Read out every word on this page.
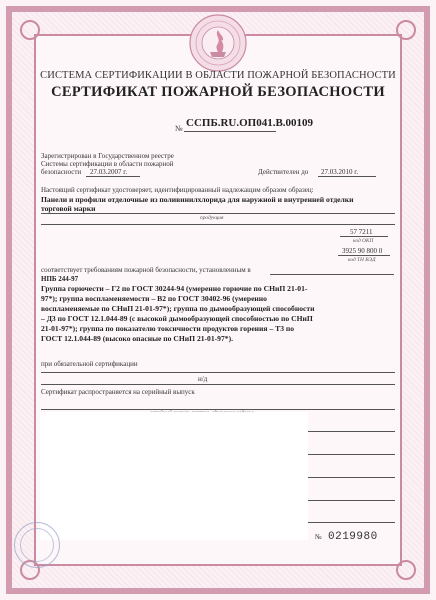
СИСТЕМА СЕРТИФИКАЦИИ В ОБЛАСТИ ПОЖАРНОЙ БЕЗОПАСНОСТИ
СЕРТИФИКАТ ПОЖАРНОЙ БЕЗОПАСНОСТИ
№ ССПБ.RU.ОП041.В.00109
Зарегистрирован в Государственном реестре
Системы сертификации в области пожарной
безопасности 27.03.2007 г.	Действителен до 27.03.2010 г.
Настоящий сертификат удостоверяет, идентифицированный надлежащим образом образец:
Панели и профили отделочные из поливинилхлорида для наружной и внутренней отделки
торговой марки
продукция
57 7211
код ОКП
3925 90 800 0
код ТН ВЭД
соответствует требованиям пожарной безопасности, установленным в
НПБ 244-97
Группа горючести – Г2 по ГОСТ 30244-94 (умеренно горючие по СНиП 21-01-
97*); группа воспламеняемости – В2 по ГОСТ 30402-96 (умеренно
воспламеняемые по СНиП 21-01-97*); группа по дымообразующей способности
– Д3 по ГОСТ 12.1.044-89 (с высокой дымообразующей способностью по СНиП
21-01-97*); группа по показателю токсичности продуктов горения – Т3 по
ГОСТ 12.1.044-89 (высоко опасные по СНиП 21-01-97*).
при обязательной сертификации
н/д
Сертификат распространяется на серийный выпуск
№ 0219980
